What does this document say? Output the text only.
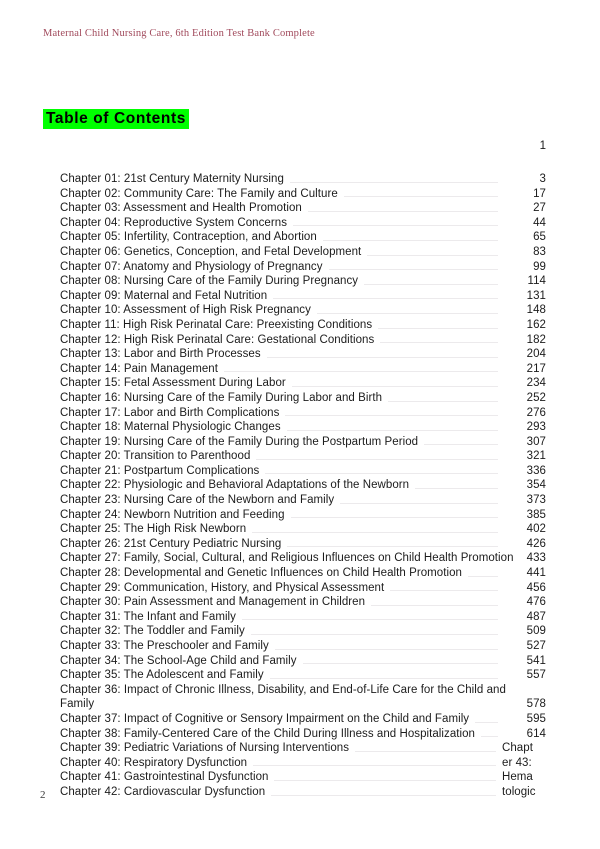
Maternal Child Nursing Care, 6th Edition Test Bank Complete
Table of Contents
1
Chapter 01: 21st Century Maternity Nursing	3
Chapter 02: Community Care: The Family and Culture	17
Chapter 03: Assessment and Health Promotion	27
Chapter 04: Reproductive System Concerns	44
Chapter 05: Infertility, Contraception, and Abortion	65
Chapter 06: Genetics, Conception, and Fetal Development	83
Chapter 07: Anatomy and Physiology of Pregnancy	99
Chapter 08: Nursing Care of the Family During Pregnancy	114
Chapter 09: Maternal and Fetal Nutrition	131
Chapter 10: Assessment of High Risk Pregnancy	148
Chapter 11: High Risk Perinatal Care: Preexisting Conditions	162
Chapter 12: High Risk Perinatal Care: Gestational Conditions	182
Chapter 13: Labor and Birth Processes	204
Chapter 14: Pain Management	217
Chapter 15: Fetal Assessment During Labor	234
Chapter 16: Nursing Care of the Family During Labor and Birth	252
Chapter 17: Labor and Birth Complications	276
Chapter 18: Maternal Physiologic Changes	293
Chapter 19: Nursing Care of the Family During the Postpartum Period	307
Chapter 20: Transition to Parenthood	321
Chapter 21: Postpartum Complications	336
Chapter 22: Physiologic and Behavioral Adaptations of the Newborn	354
Chapter 23: Nursing Care of the Newborn and Family	373
Chapter 24: Newborn Nutrition and Feeding	385
Chapter 25: The High Risk Newborn	402
Chapter 26: 21st Century Pediatric Nursing	426
Chapter 27: Family, Social, Cultural, and Religious Influences on Child Health Promotion	433
Chapter 28: Developmental and Genetic Influences on Child Health Promotion	441
Chapter 29: Communication, History, and Physical Assessment	456
Chapter 30: Pain Assessment and Management in Children	476
Chapter 31: The Infant and Family	487
Chapter 32: The Toddler and Family	509
Chapter 33: The Preschooler and Family	527
Chapter 34: The School-Age Child and Family	541
Chapter 35: The Adolescent and Family	557
Chapter 36: Impact of Chronic Illness, Disability, and End-of-Life Care for the Child and Family	578
Chapter 37: Impact of Cognitive or Sensory Impairment on the Child and Family	595
Chapter 38: Family-Centered Care of the Child During Illness and Hospitalization	614
Chapter 39: Pediatric Variations of Nursing Interventions	Chapt
Chapter 40: Respiratory Dysfunction	er 43:
Chapter 41: Gastrointestinal Dysfunction	Hema
Chapter 42: Cardiovascular Dysfunction	tologic
2
